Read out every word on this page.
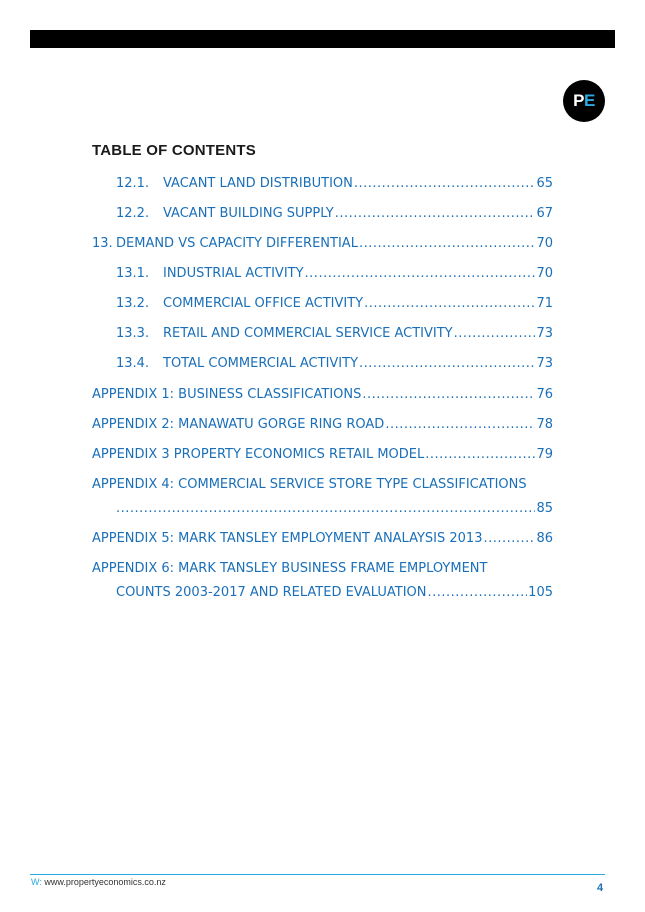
P E
TABLE OF CONTENTS
12.1.	VACANT LAND DISTRIBUTION .....	65
12.2.	VACANT BUILDING SUPPLY .....	67
13. DEMAND VS CAPACITY DIFFERENTIAL .....	70
13.1.	INDUSTRIAL ACTIVITY .....	70
13.2.	COMMERCIAL OFFICE ACTIVITY .....	71
13.3.	RETAIL AND COMMERCIAL SERVICE ACTIVITY .....	73
13.4.	TOTAL COMMERCIAL ACTIVITY .....	73
APPENDIX 1: BUSINESS CLASSIFICATIONS .....	76
APPENDIX 2: MANAWATU GORGE RING ROAD .....	78
APPENDIX 3 PROPERTY ECONOMICS RETAIL MODEL .....	79
APPENDIX 4: COMMERCIAL SERVICE STORE TYPE CLASSIFICATIONS
.....
85
APPENDIX 5: MARK TANSLEY EMPLOYMENT ANALAYSIS 2013 .....	86
APPENDIX 6: MARK TANSLEY BUSINESS FRAME EMPLOYMENT
COUNTS 2003-2017 AND RELATED EVALUATION .....	105
W: www.propertyeconomics.co.nz	4
